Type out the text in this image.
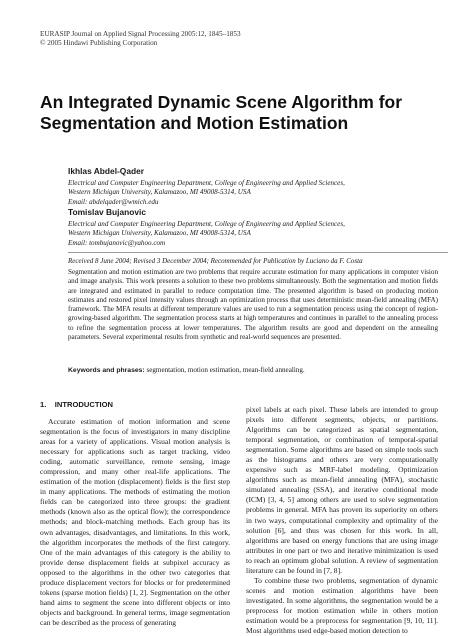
EURASIP Journal on Applied Signal Processing 2005:12, 1845–1853
© 2005 Hindawi Publishing Corporation
An Integrated Dynamic Scene Algorithm for Segmentation and Motion Estimation
Ikhlas Abdel-Qader
Electrical and Computer Engineering Department, College of Engineering and Applied Sciences,
Western Michigan University, Kalamazoo, MI 49008-5314, USA
Email: abdelqader@wmich.edu
Tomislav Bujanovic
Electrical and Computer Engineering Department, College of Engineering and Applied Sciences,
Western Michigan University, Kalamazoo, MI 49008-5314, USA
Email: tombujanovic@yahoo.com
Received 8 June 2004; Revised 3 December 2004; Recommended for Publication by Luciano da F. Costa
Segmentation and motion estimation are two problems that require accurate estimation for many applications in computer vision and image analysis. This work presents a solution to these two problems simultaneously. Both the segmentation and motion fields are integrated and estimated in parallel to reduce computation time. The presented algorithm is based on producing motion estimates and restored pixel intensity values through an optimization process that uses deterministic mean-field annealing (MFA) framework. The MFA results at different temperature values are used to run a segmentation process using the concept of region-growing-based algorithm. The segmentation process starts at high temperatures and continues in parallel to the annealing process to refine the segmentation process at lower temperatures. The algorithm results are good and dependent on the annealing parameters. Several experimental results from synthetic and real-world sequences are presented.
Keywords and phrases: segmentation, motion estimation, mean-field annealing.
1. INTRODUCTION

Accurate estimation of motion information and scene segmentation is the focus of investigators in many discipline areas for a variety of applications. Visual motion analysis is necessary for applications such as target tracking, video coding, automatic surveillance, remote sensing, image compression, and many other real-life applications. The estimation of the motion (displacement) fields is the first step in many applications. The methods of estimating the motion fields can be categorized into three groups: the gradient methods (known also as the optical flow); the correspondence methods; and block-matching methods. Each group has its own advantages, disadvantages, and limitations. In this work, the algorithm incorporates the methods of the first category. One of the main advantages of this category is the ability to provide dense displacement fields at subpixel accuracy as opposed to the algorithms in the other two categories that produce displacement vectors for blocks or for predetermined tokens (sparse motion fields) [1, 2]. Segmentation on the other hand aims to segment the scene into different objects or into objects and background. In general terms, image segmentation can be described as the process of generating

pixel labels at each pixel. These labels are intended to group pixels into different segments, objects, or partitions. Algorithms can be categorized as spatial segmentation, temporal segmentation, or combination of temporal-spatial segmentation. Some algorithms are based on simple tools such as the histograms and others are very computationally expensive such as MRF-label modeling. Optimization algorithms such as mean-field annealing (MFA), stochastic simulated annealing (SSA), and iterative conditional mode (ICM) [3, 4, 5] among others are used to solve segmentation problems in general. MFA has proven its superiority on others in two ways, computational complexity and optimality of the solution [6], and thus was chosen for this work. In all, algorithms are based on energy functions that are using image attributes in one part or two and iterative minimization is used to reach an optimum global solution. A review of segmentation literature can be found in [7, 8].

To combine these two problems, segmentation of dynamic scenes and motion estimation algorithms have been investigated. In some algorithms, the segmentation would be a preprocess for motion estimation while in others motion estimation would be a preprocess for segmentation [9, 10, 11]. Most algorithms used edge-based motion detection to
